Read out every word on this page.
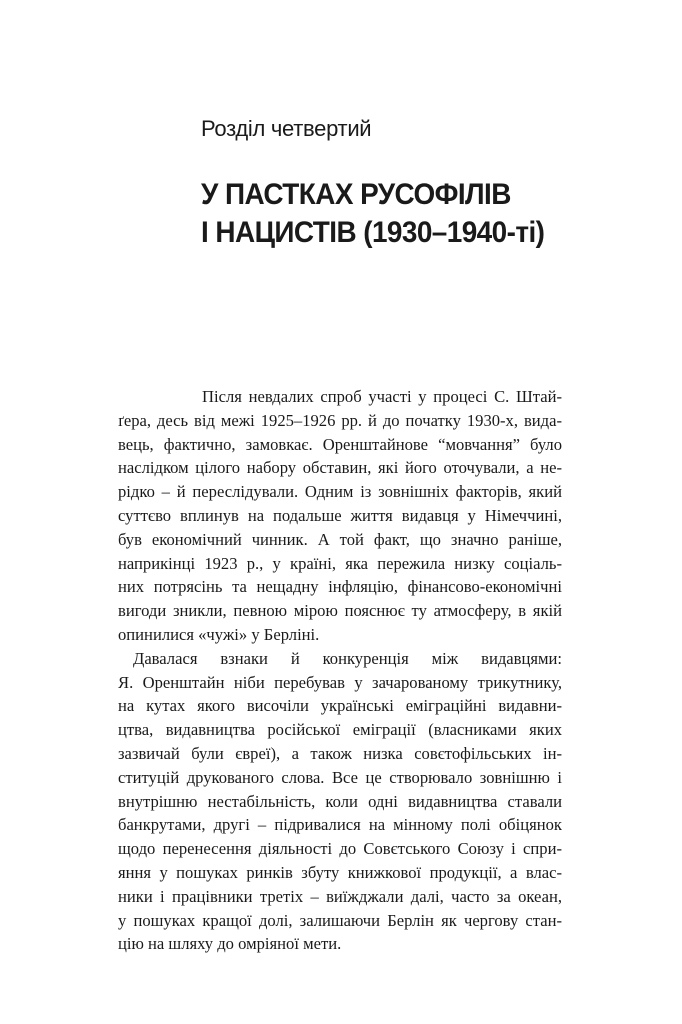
Розділ четвертий
У ПАСТКАХ РУСОФІЛІВ
І НАЦИСТІВ (1930–1940-ті)
Після невдалих спроб участі у процесі С. Штай-
ґера, десь від межі 1925–1926 рр. й до початку 1930-х, вида-
вець, фактично, замовкає. Оренштайнове “мовчання” було
наслідком цілого набору обставин, які його оточували, а не-
рідко – й переслідували. Одним із зовнішніх факторів, який
суттєво вплинув на подальше життя видавця у Німеччині,
був економічний чинник. А той факт, що значно раніше,
наприкінці 1923 р., у країні, яка пережила низку соціаль-
них потрясінь та нещадну інфляцію, фінансово-економічні
вигоди зникли, певною мірою пояснює ту атмосферу, в якій
опинилися «чужі» у Берліні.
Давалася взнаки й конкуренція між видавцями:
Я. Оренштайн ніби перебував у зачарованому трикутнику,
на кутах якого височіли українські еміграційні видавни-
цтва, видавництва російської еміграції (власниками яких
зазвичай були євреї), а також низка совєтофільських ін-
ституцій друкованого слова. Все це створювало зовнішню і
внутрішню нестабільність, коли одні видавництва ставали
банкрутами, другі – підривалися на мінному полі обіцянок
щодо перенесення діяльності до Совєтського Союзу і спри-
яння у пошуках ринків збуту книжкової продукції, а влас-
ники і працівники третіх – виїжджали далі, часто за океан,
у пошуках кращої долі, залишаючи Берлін як чергову стан-
цію на шляху до омріяної мети.
